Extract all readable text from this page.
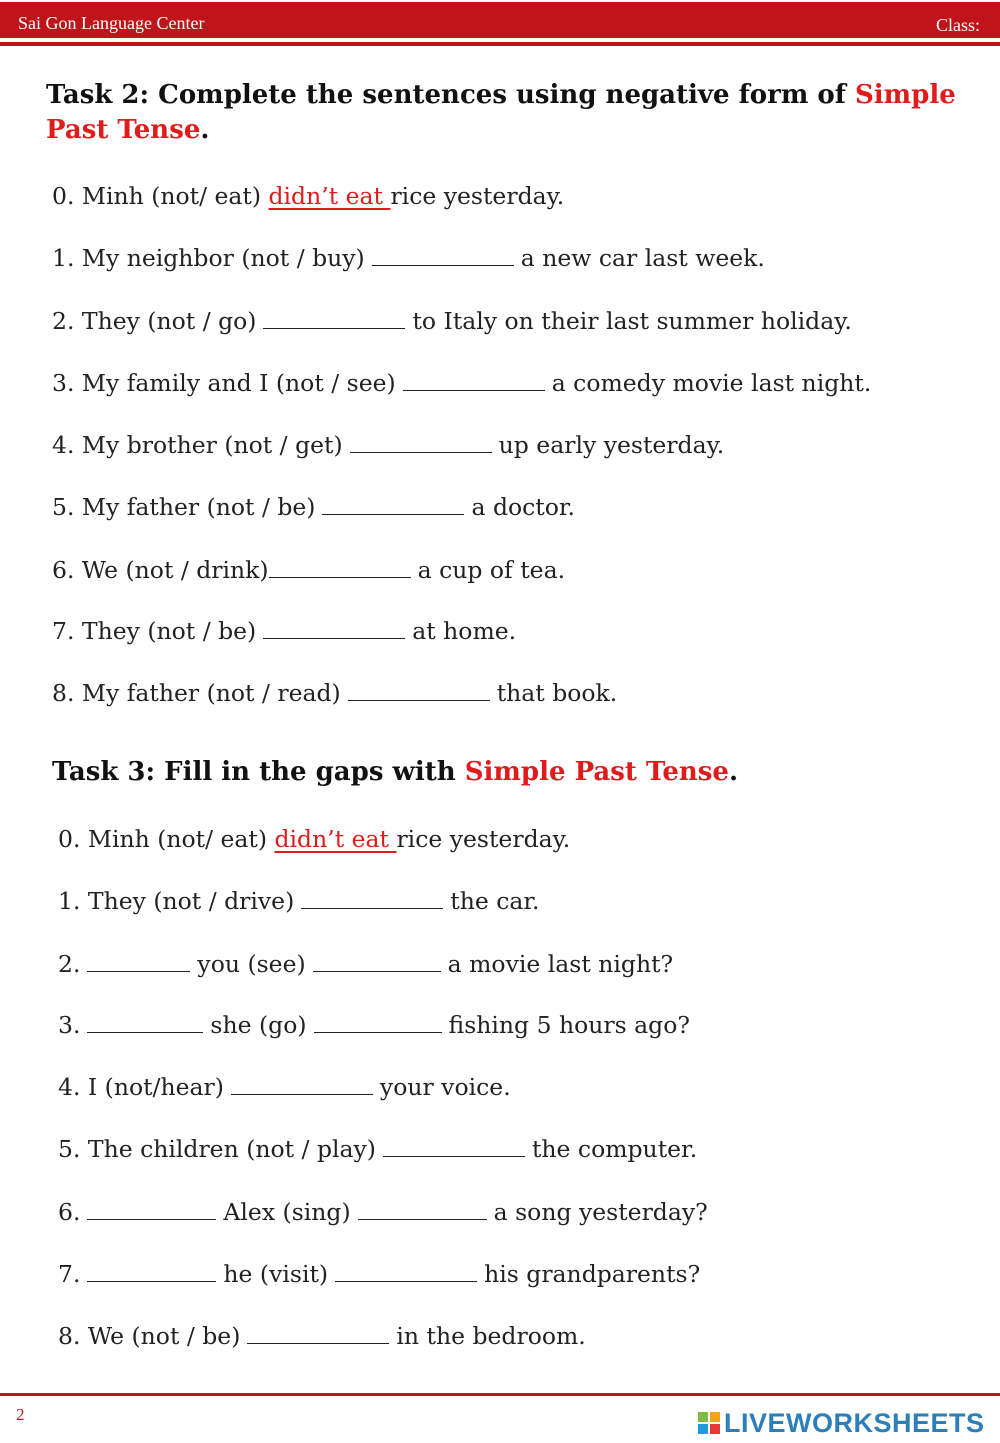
Sai Gon Language Center	Class:
Task 2: Complete the sentences using negative form of Simple Past Tense.
0. Minh (not/ eat) didn’t eat rice yesterday.
1. My neighbor (not / buy)	a new car last week.
2. They (not / go)	to Italy on their last summer holiday.
3. My family and I (not / see)	a comedy movie last night.
4. My brother (not / get)	up early yesterday.
5. My father (not / be)	a doctor.
6. We (not / drink)	a cup of tea.
7. They (not / be)	at home.
8. My father (not / read)	that book.
Task 3: Fill in the gaps with Simple Past Tense.
0. Minh (not/ eat) didn’t eat rice yesterday.
1. They (not / drive)	the car.
2.	you (see)	a movie last night?
3.	she (go)	fishing 5 hours ago?
4. I (not/hear)	your voice.
5. The children (not / play)	the computer.
6.	Alex (sing)	a song yesterday?
7.	he (visit)	his grandparents?
8. We (not / be)	in the bedroom.
2	LIVEWORKSHEETS
